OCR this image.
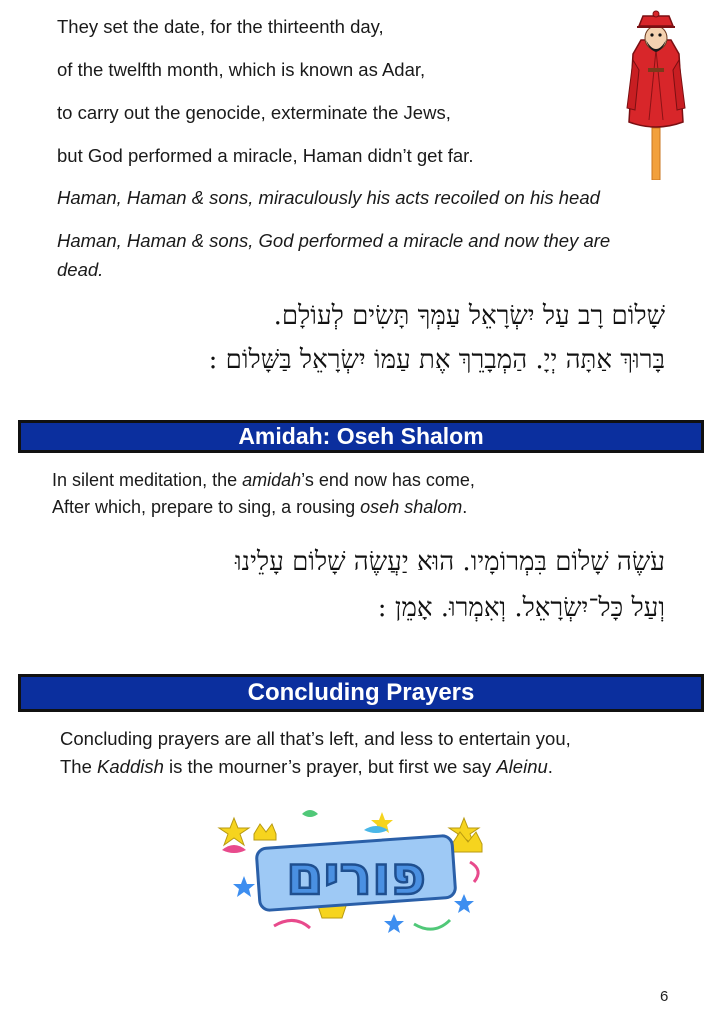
They set the date, for the thirteenth day,

of the twelfth month, which is known as Adar,

to carry out the genocide, exterminate the Jews,

but God performed a miracle, Haman didn’t get far.

Haman, Haman & sons, miraculously his acts recoiled on his head

Haman, Haman & sons, God performed a miracle and now they are

dead.

שָׁלוֹם רָב עַל יִשְׂרָאֵל עַמְּךָ תָּשִׂים לְעוֹלָם.

בָּרוּךְ אַתָּה יְיָ. הַמְבָרֵךְ אֶת עַמּוֹ יִשְׂרָאֵל בַּשָּׁלוֹם :

Amidah: Oseh Shalom

In silent meditation, the amidah’s end now has come,

After which, prepare to sing, a rousing oseh shalom.

עֹשֶׂה שָׁלוֹם בִּמְרוֹמָיו. הוּא יַעֲשֶׂה שָׁלוֹם עָלֵינוּ

וְעַל כָּל־יִשְׂרָאֵל. וְאִמְרוּ. אָמֵן :

Concluding Prayers

Concluding prayers are all that’s left, and less to entertain you,

The Kaddish is the mourner’s prayer, but first we say Aleinu.

פורים
6
